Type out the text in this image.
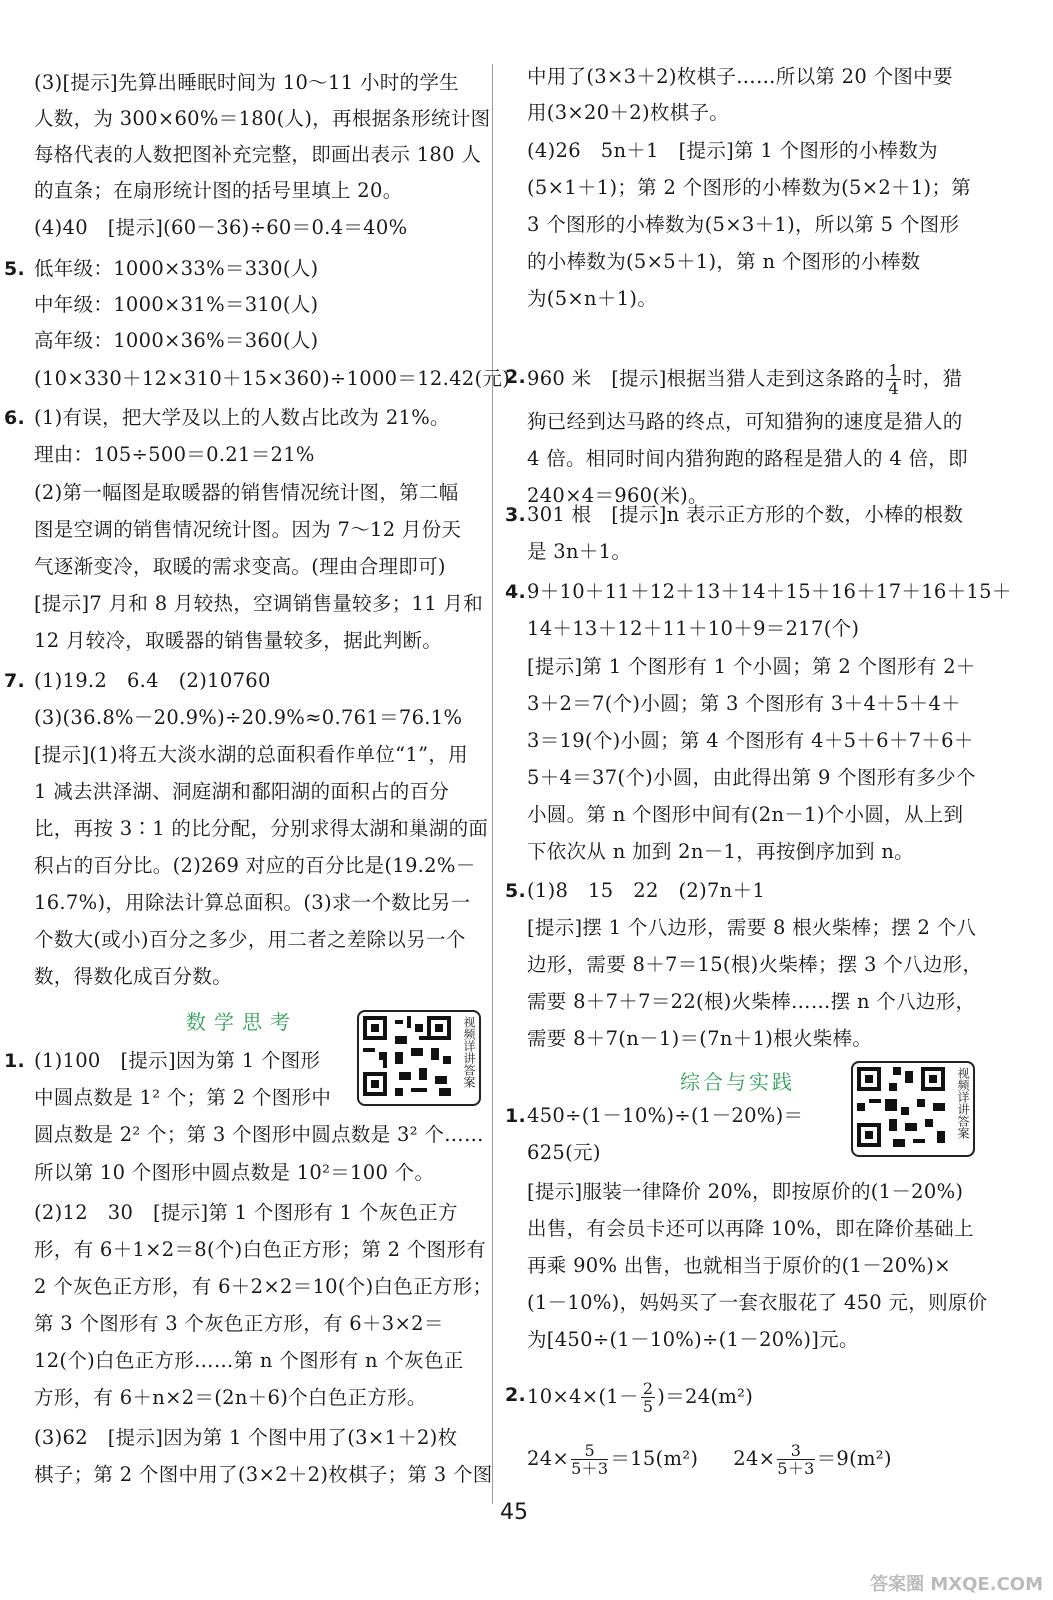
(3)[提示]先算出睡眠时间为 10～11 小时的学生
人数，为 300×60%＝180(人)，再根据条形统计图
每格代表的人数把图补充完整，即画出表示 180 人
的直条；在扇形统计图的括号里填上 20。
(4)40　[提示](60－36)÷60＝0.4＝40%
5. 低年级：1000×33%＝330(人)
中年级：1000×31%＝310(人)
高年级：1000×36%＝360(人)
(10×330＋12×310＋15×360)÷1000＝12.42(元)
6. (1)有误，把大学及以上的人数占比改为 21%。
理由：105÷500＝0.21＝21%
(2)第一幅图是取暖器的销售情况统计图，第二幅
图是空调的销售情况统计图。因为 7～12 月份天
气逐渐变冷，取暖的需求变高。(理由合理即可)
[提示]7 月和 8 月较热，空调销售量较多；11 月和
12 月较冷，取暖器的销售量较多，据此判断。
7. (1)19.2　6.4　(2)10760
(3)(36.8%－20.9%)÷20.9%≈0.761＝76.1%
[提示](1)将五大淡水湖的总面积看作单位“1”，用
1 减去洪泽湖、洞庭湖和鄱阳湖的面积占的百分
比，再按 3∶1 的比分配，分别求得太湖和巢湖的面
积占的百分比。(2)269 对应的百分比是(19.2%－
16.7%)，用除法计算总面积。(3)求一个数比另一
个数大(或小)百分之多少，用二者之差除以另一个
数，得数化成百分数。
1. (1)100　[提示]因为第 1 个图形
中圆点数是 1² 个；第 2 个图形中
圆点数是 2² 个；第 3 个图形中圆点数是 3² 个……
所以第 10 个图形中圆点数是 10²＝100 个。
(2)12　30　[提示]第 1 个图形有 1 个灰色正方
形，有 6＋1×2＝8(个)白色正方形；第 2 个图形有
2 个灰色正方形，有 6＋2×2＝10(个)白色正方形；
第 3 个图形有 3 个灰色正方形，有 6＋3×2＝
12(个)白色正方形……第 n 个图形有 n 个灰色正
方形，有 6＋n×2＝(2n＋6)个白色正方形。
(3)62　[提示]因为第 1 个图中用了(3×1＋2)枚
棋子；第 2 个图中用了(3×2＋2)枚棋子；第 3 个图
中用了(3×3＋2)枚棋子……所以第 20 个图中要
用(3×20＋2)枚棋子。
(4)26　5n＋1　[提示]第 1 个图形的小棒数为
(5×1＋1)；第 2 个图形的小棒数为(5×2＋1)；第
3 个图形的小棒数为(5×3＋1)，所以第 5 个图形
的小棒数为(5×5＋1)，第 n 个图形的小棒数
为(5×n＋1)。
狗已经到达马路的终点，可知猎狗的速度是猎人的
4 倍。相同时间内猎狗跑的路程是猎人的 4 倍，即
240×4＝960(米)。
3. 301 根　[提示]n 表示正方形的个数，小棒的根数
是 3n＋1。
4. 9＋10＋11＋12＋13＋14＋15＋16＋17＋16＋15＋
14＋13＋12＋11＋10＋9＝217(个)
[提示]第 1 个图形有 1 个小圆；第 2 个图形有 2＋
3＋2＝7(个)小圆；第 3 个图形有 3＋4＋5＋4＋
3＝19(个)小圆；第 4 个图形有 4＋5＋6＋7＋6＋
5＋4＝37(个)小圆，由此得出第 9 个图形有多少个
小圆。第 n 个图形中间有(2n－1)个小圆，从上到
下依次从 n 加到 2n－1，再按倒序加到 n。
5. (1)8　15　22　(2)7n＋1
[提示]摆 1 个八边形，需要 8 根火柴棒；摆 2 个八
边形，需要 8＋7＝15(根)火柴棒；摆 3 个八边形，
需要 8＋7＋7＝22(根)火柴棒……摆 n 个八边形，
需要 8＋7(n－1)＝(7n＋1)根火柴棒。
1. 450÷(1－10%)÷(1－20%)＝
625(元)
[提示]服装一律降价 20%，即按原价的(1－20%)
出售，有会员卡还可以再降 10%，即在降价基础上
再乘 90% 出售，也就相当于原价的(1－20%)×
(1－10%)，妈妈买了一套衣服花了 450 元，则原价
为[450÷(1－10%)÷(1－20%)]元。
2. 960 米　[提示]根据当猎人走到这条路的 $\frac{1}{4}$ 时，猎
2. $10\times 4\times(1- \frac{2}{5} )=24(m^2)$
$24\times \frac{5}{5+3} =15(m^2)$ $24\times \frac{3}{5+3} =9(m^2)$
数学思考
综合与实践
视频详讲答案
视频详讲答案
45
答案圈 MXQE.COM
